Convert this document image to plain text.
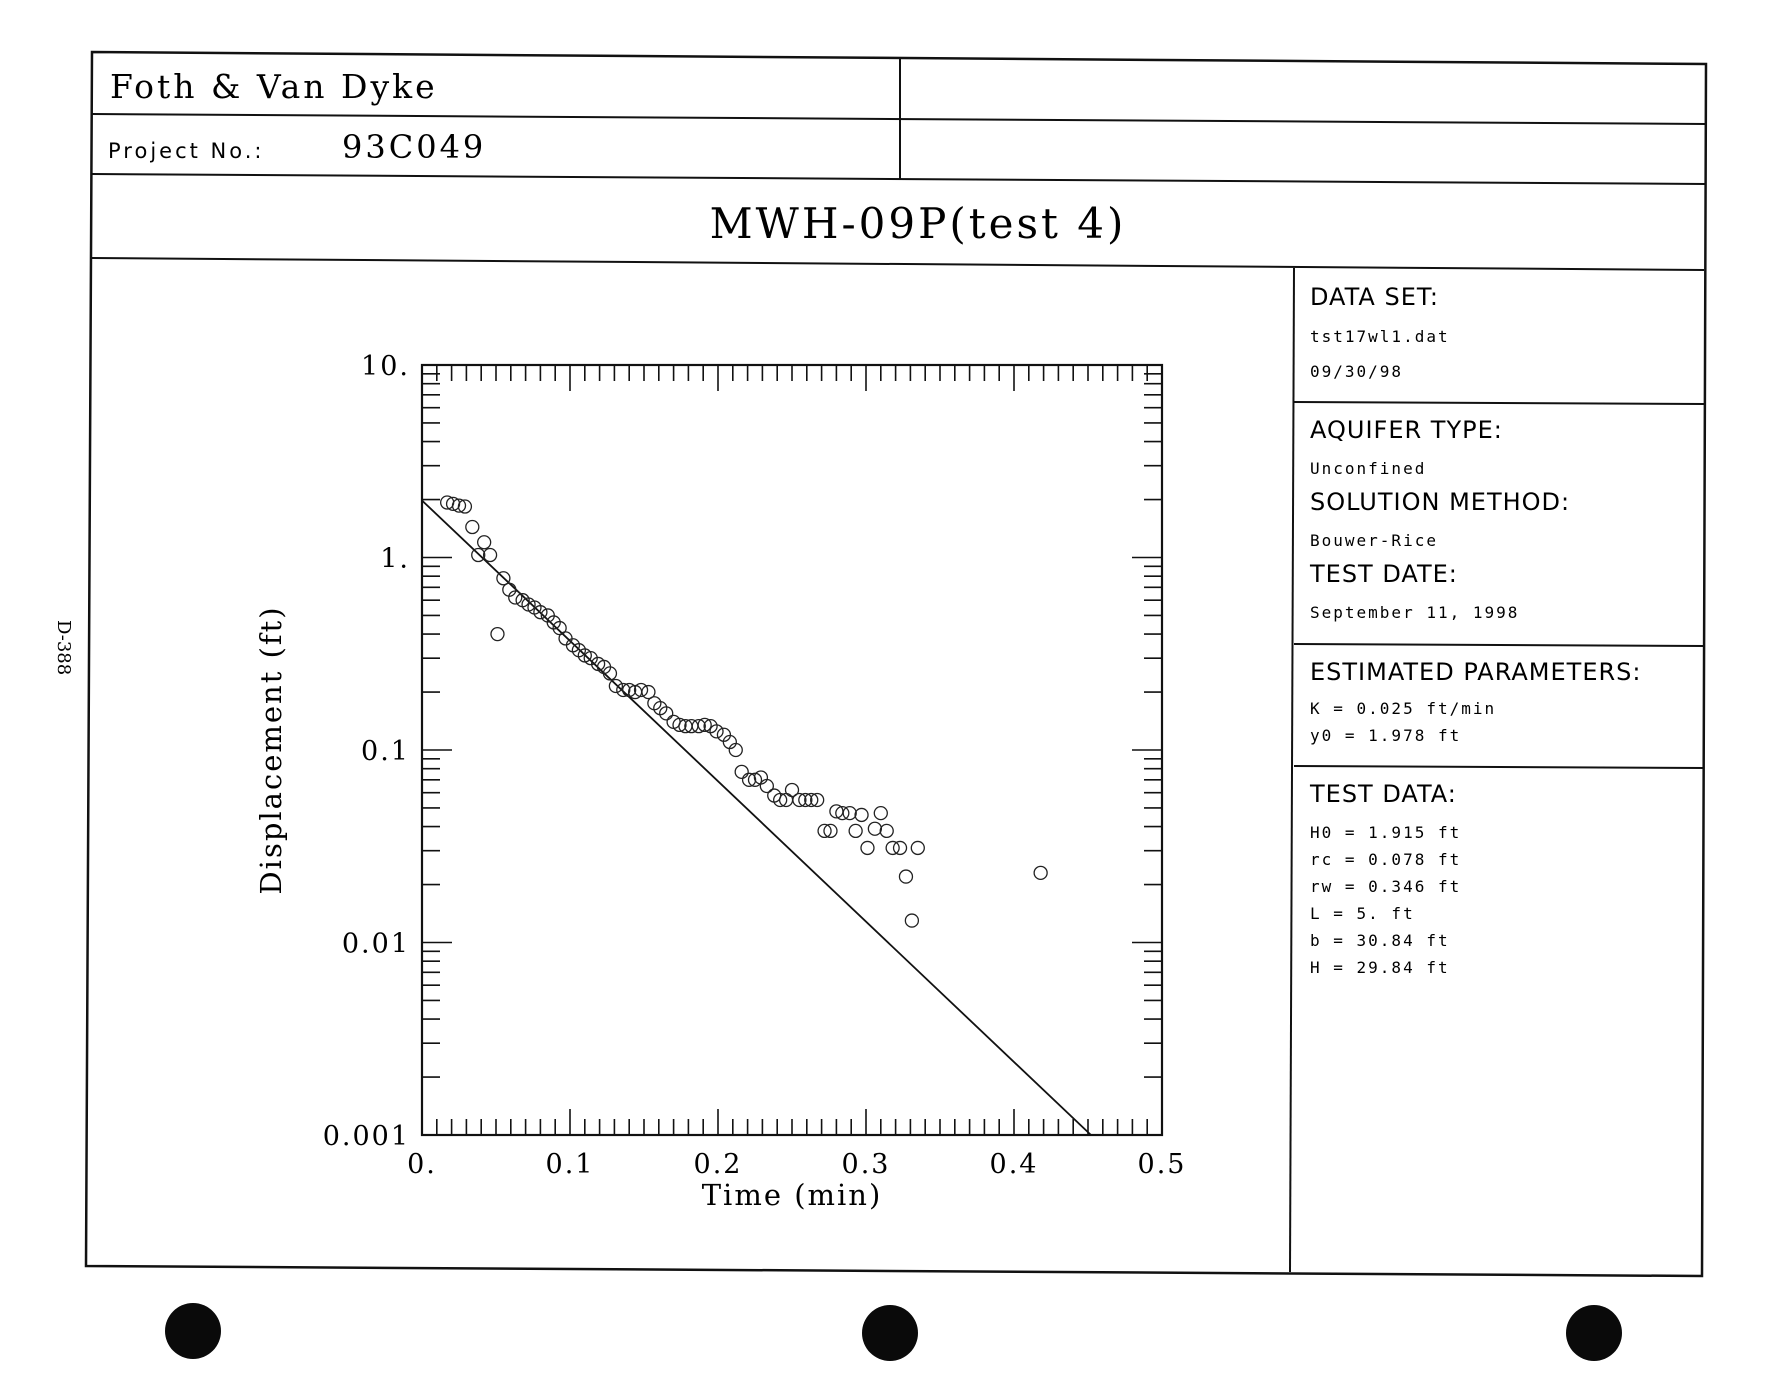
Foth & Van Dyke
Project No.: 93C049
MWH-09P(test 4)
D-388
DATA SET:
tst17wl1.dat
09/30/98
AQUIFER TYPE:
Unconfined
SOLUTION METHOD:
Bouwer-Rice
TEST DATE:
September 11, 1998
ESTIMATED PARAMETERS:
K = 0.025 ft/min
y0 = 1.978 ft
TEST DATA:
H0 = 1.915 ft
rc = 0.078 ft
rw = 0.346 ft
L = 5. ft
b = 30.84 ft
H = 29.84 ft
0.	0.1	0.2	0.3	0.4	0.5
10.
1.
0.1
0.01
0.001
Time (min)
Displacement (ft)
